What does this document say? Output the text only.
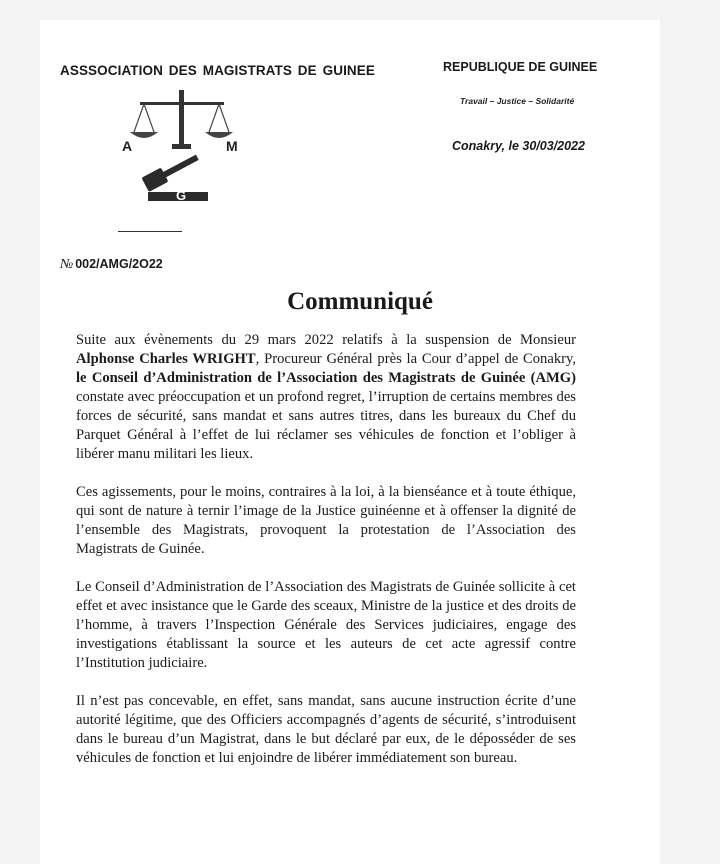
ASSSOCIATION DES MAGISTRATS DE GUINEE	REPUBLIQUE DE GUINEE
Travail – Justice – Solidarité
Conakry, le 30/03/2022
A	M
G
№ 002/AMG/2O22
Communiqué

Suite aux évènements du 29 mars 2022 relatifs à la suspension de Monsieur Alphonse Charles WRIGHT, Procureur Général près la Cour d’appel de Conakry, le Conseil d’Administration de l’Association des Magistrats de Guinée (AMG) constate avec préoccupation et un profond regret, l’irruption de certains membres des forces de sécurité, sans mandat et sans autres titres, dans les bureaux du Chef du Parquet Général à l’effet de lui réclamer ses véhicules de fonction et l’obliger à libérer manu militari les lieux.

Ces agissements, pour le moins, contraires à la loi, à la bienséance et à toute éthique, qui sont de nature à ternir l’image de la Justice guinéenne et à offenser la dignité de l’ensemble des Magistrats, provoquent la protestation de l’Association des Magistrats de Guinée.

Le Conseil d’Administration de l’Association des Magistrats de Guinée sollicite à cet effet et avec insistance que le Garde des sceaux, Ministre de la justice et des droits de l’homme, à travers l’Inspection Générale des Services judiciaires, engage des investigations établissant la source et les auteurs de cet acte agressif contre l’Institution judiciaire.

Il n’est pas concevable, en effet, sans mandat, sans aucune instruction écrite d’une autorité légitime, que des Officiers accompagnés d’agents de sécurité, s’introduisent dans le bureau d’un Magistrat, dans le but déclaré par eux, de le déposséder de ses véhicules de fonction et lui enjoindre de libérer immédiatement son bureau.
